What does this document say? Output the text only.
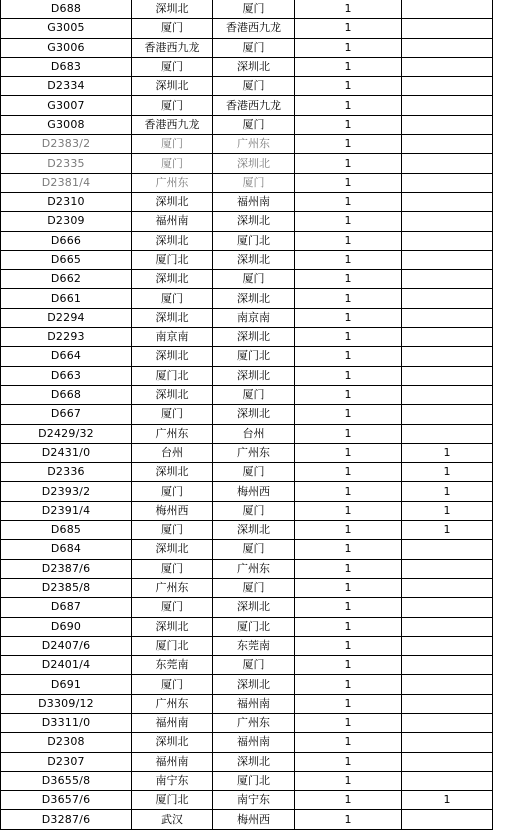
D688	深圳北	厦门	1	
G3005	厦门	香港西九龙	1	
G3006	香港西九龙	厦门	1	
D683	厦门	深圳北	1	
D2334	深圳北	厦门	1	
G3007	厦门	香港西九龙	1	
G3008	香港西九龙	厦门	1	
D2383/2	厦门	广州东	1	
D2335	厦门	深圳北	1	
D2381/4	广州东	厦门	1	
D2310	深圳北	福州南	1	
D2309	福州南	深圳北	1	
D666	深圳北	厦门北	1	
D665	厦门北	深圳北	1	
D662	深圳北	厦门	1	
D661	厦门	深圳北	1	
D2294	深圳北	南京南	1	
D2293	南京南	深圳北	1	
D664	深圳北	厦门北	1	
D663	厦门北	深圳北	1	
D668	深圳北	厦门	1	
D667	厦门	深圳北	1	
D2429/32	广州东	台州	1	
D2431/0	台州	广州东	1	1
D2336	深圳北	厦门	1	1
D2393/2	厦门	梅州西	1	1
D2391/4	梅州西	厦门	1	1
D685	厦门	深圳北	1	1
D684	深圳北	厦门	1	
D2387/6	厦门	广州东	1	
D2385/8	广州东	厦门	1	
D687	厦门	深圳北	1	
D690	深圳北	厦门北	1	
D2407/6	厦门北	东莞南	1	
D2401/4	东莞南	厦门	1	
D691	厦门	深圳北	1	
D3309/12	广州东	福州南	1	
D3311/0	福州南	广州东	1	
D2308	深圳北	福州南	1	
D2307	福州南	深圳北	1	
D3655/8	南宁东	厦门北	1	
D3657/6	厦门北	南宁东	1	1
D3287/6	武汉	梅州西	1	
